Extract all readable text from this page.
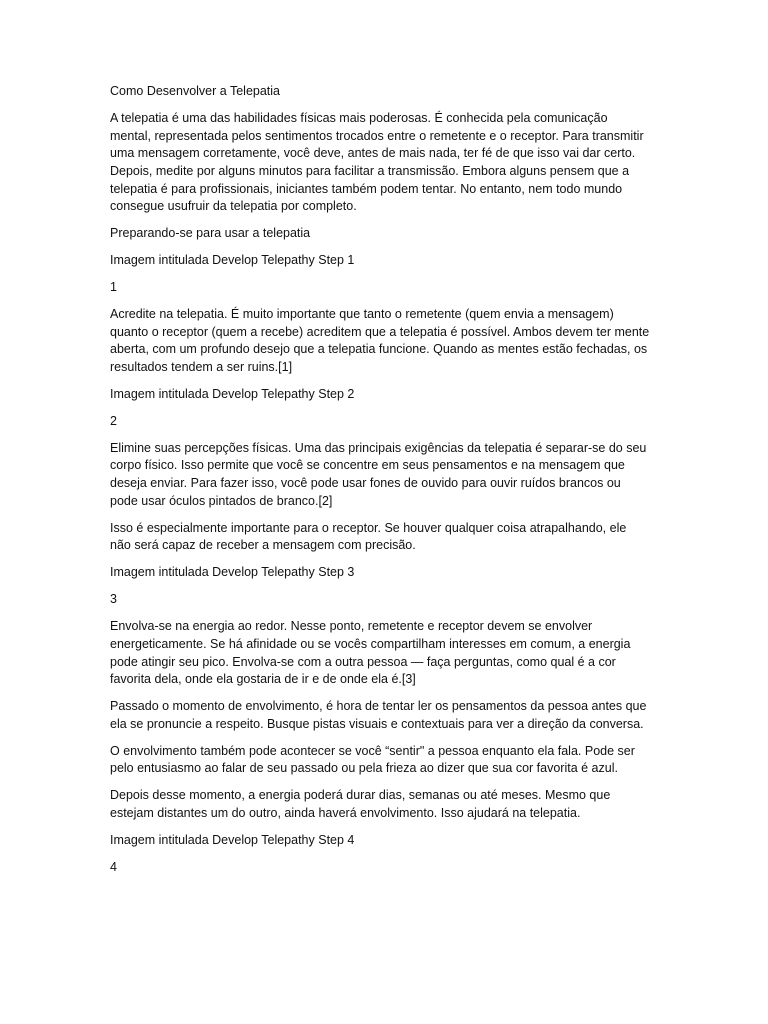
Como Desenvolver a Telepatia

A telepatia é uma das habilidades físicas mais poderosas. É conhecida pela comunicação mental, representada pelos sentimentos trocados entre o remetente e o receptor. Para transmitir uma mensagem corretamente, você deve, antes de mais nada, ter fé de que isso vai dar certo. Depois, medite por alguns minutos para facilitar a transmissão. Embora alguns pensem que a telepatia é para profissionais, iniciantes também podem tentar. No entanto, nem todo mundo consegue usufruir da telepatia por completo.

Preparando-se para usar a telepatia

Imagem intitulada Develop Telepathy Step 1

1

Acredite na telepatia. É muito importante que tanto o remetente (quem envia a mensagem) quanto o receptor (quem a recebe) acreditem que a telepatia é possível. Ambos devem ter mente aberta, com um profundo desejo que a telepatia funcione. Quando as mentes estão fechadas, os resultados tendem a ser ruins.[1]

Imagem intitulada Develop Telepathy Step 2

2

Elimine suas percepções físicas. Uma das principais exigências da telepatia é separar-se do seu corpo físico. Isso permite que você se concentre em seus pensamentos e na mensagem que deseja enviar. Para fazer isso, você pode usar fones de ouvido para ouvir ruídos brancos ou pode usar óculos pintados de branco.[2]

Isso é especialmente importante para o receptor. Se houver qualquer coisa atrapalhando, ele não será capaz de receber a mensagem com precisão.

Imagem intitulada Develop Telepathy Step 3

3

Envolva-se na energia ao redor. Nesse ponto, remetente e receptor devem se envolver energeticamente. Se há afinidade ou se vocês compartilham interesses em comum, a energia pode atingir seu pico. Envolva-se com a outra pessoa — faça perguntas, como qual é a cor favorita dela, onde ela gostaria de ir e de onde ela é.[3]

Passado o momento de envolvimento, é hora de tentar ler os pensamentos da pessoa antes que ela se pronuncie a respeito. Busque pistas visuais e contextuais para ver a direção da conversa.

O envolvimento também pode acontecer se você “sentir" a pessoa enquanto ela fala. Pode ser pelo entusiasmo ao falar de seu passado ou pela frieza ao dizer que sua cor favorita é azul.

Depois desse momento, a energia poderá durar dias, semanas ou até meses. Mesmo que estejam distantes um do outro, ainda haverá envolvimento. Isso ajudará na telepatia.

Imagem intitulada Develop Telepathy Step 4

4
